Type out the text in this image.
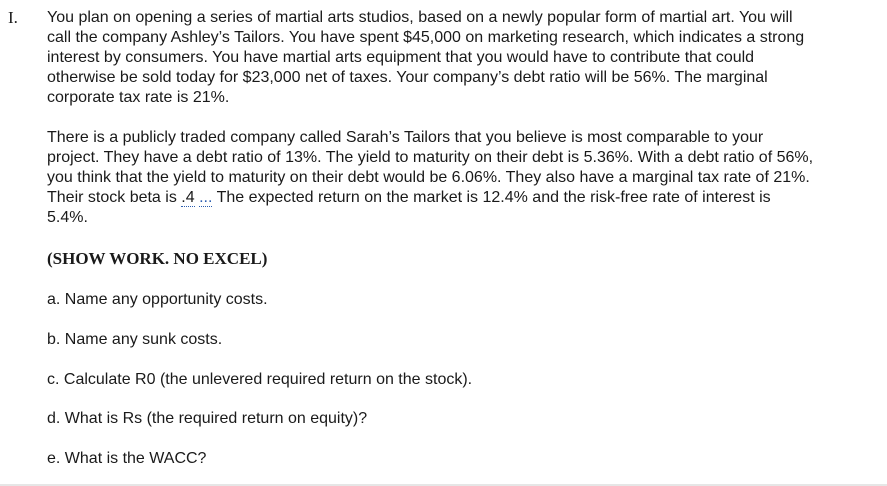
I. You plan on opening a series of martial arts studios, based on a newly popular form of martial art. You will
call the company Ashley’s Tailors. You have spent $45,000 on marketing research, which indicates a strong
interest by consumers. You have martial arts equipment that you would have to contribute that could
otherwise be sold today for $23,000 net of taxes. Your company’s debt ratio will be 56%. The marginal
corporate tax rate is 21%.

There is a publicly traded company called Sarah’s Tailors that you believe is most comparable to your
project. They have a debt ratio of 13%. The yield to maturity on their debt is 5.36%. With a debt ratio of 56%,
you think that the yield to maturity on their debt would be 6.06%. They also have a marginal tax rate of 21%.
Their stock beta is .4 ... The expected return on the market is 12.4% and the risk-free rate of interest is
5.4%.

(SHOW WORK. NO EXCEL)

a. Name any opportunity costs.

b. Name any sunk costs.

c. Calculate R0 (the unlevered required return on the stock).

d. What is Rs (the required return on equity)?

e. What is the WACC?
